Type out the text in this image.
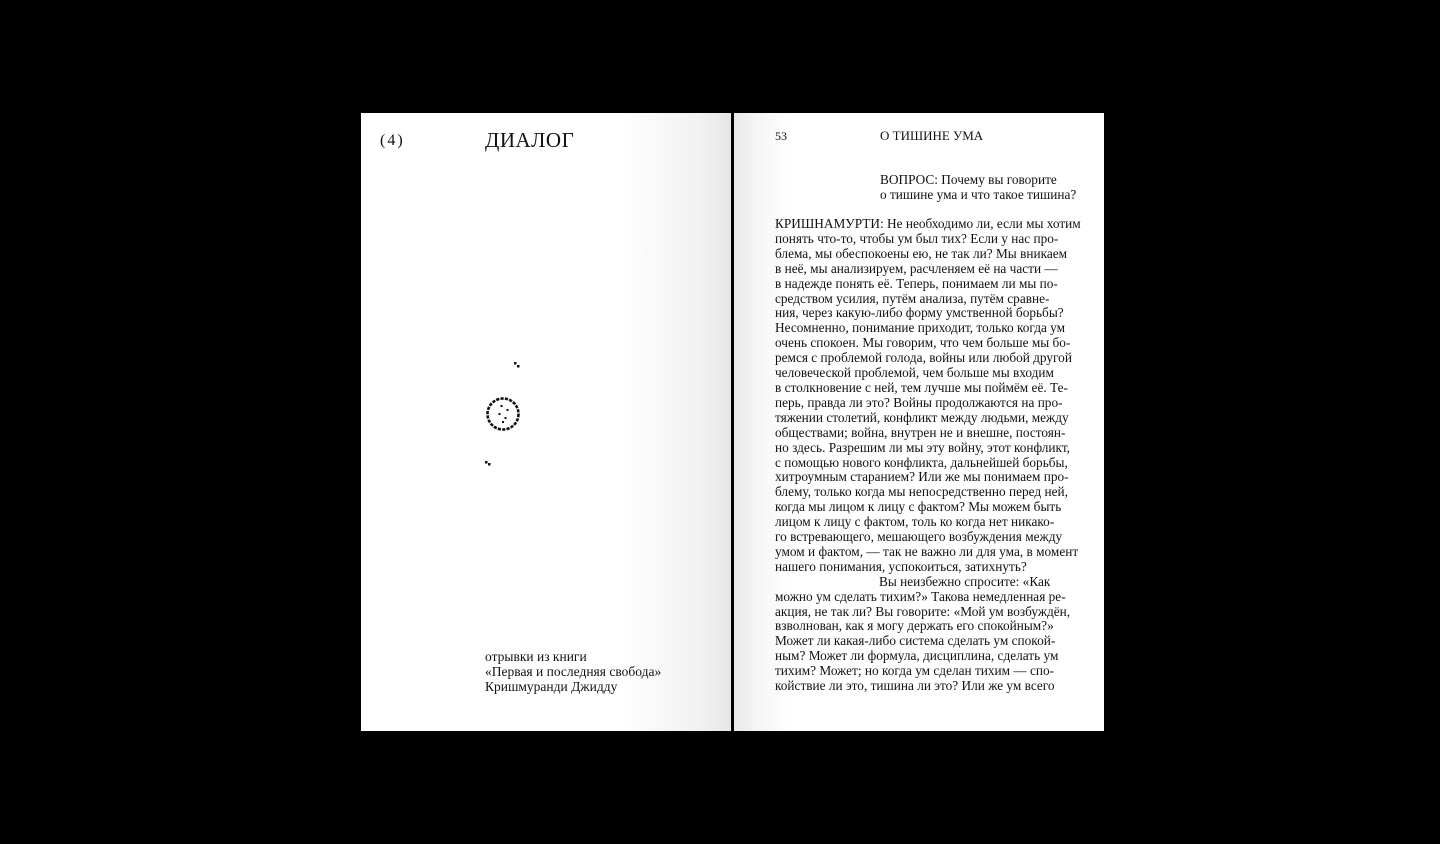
(4)	ДИАЛОГ
отрывки из книги
«Первая и последняя свобода»
Кришмуранди Джидду
53	О ТИШИНЕ УМА
ВОПРОС: Почему вы говорите
о тишине ума и что такое тишина?
КРИШНАМУРТИ: Не необходимо ли, если мы хотим
понять что-то, чтобы ум был тих? Если у нас про-
блема, мы обеспокоены ею, не так ли? Мы вникаем
в неё, мы анализируем, расчленяем её на части —
в надежде понять её. Теперь, понимаем ли мы по-
средством усилия, путём анализа, путём сравне-
ния, через какую-либо форму умственной борьбы?
Несомненно, понимание приходит, только когда ум
очень спокоен. Мы говорим, что чем больше мы бо-
ремся с проблемой голода, войны или любой другой
человеческой проблемой, чем больше мы входим
в столкновение с ней, тем лучше мы поймём её. Те-
перь, правда ли это? Войны продолжаются на про-
тяжении столетий, конфликт между людьми, между
обществами; война, внутрен не и внешне, постоян-
но здесь. Разрешим ли мы эту войну, этот конфликт,
с помощью нового конфликта, дальнейшей борьбы,
хитроумным старанием? Или же мы понимаем про-
блему, только когда мы непосредственно перед ней,
когда мы лицом к лицу с фактом? Мы можем быть
лицом к лицу с фактом, толь ко когда нет никако-
го встревающего, мешающего возбуждения между
умом и фактом, — так не важно ли для ума, в момент
нашего понимания, успокоиться, затихнуть?
Вы неизбежно спросите: «Как
можно ум сделать тихим?» Такова немедленная ре-
акция, не так ли? Вы говорите: «Мой ум возбуждён,
взволнован, как я могу держать его спокойным?»
Может ли какая-либо система сделать ум спокой-
ным? Может ли формула, дисциплина, сделать ум
тихим? Может; но когда ум сделан тихим — спо-
койствие ли это, тишина ли это? Или же ум всего
